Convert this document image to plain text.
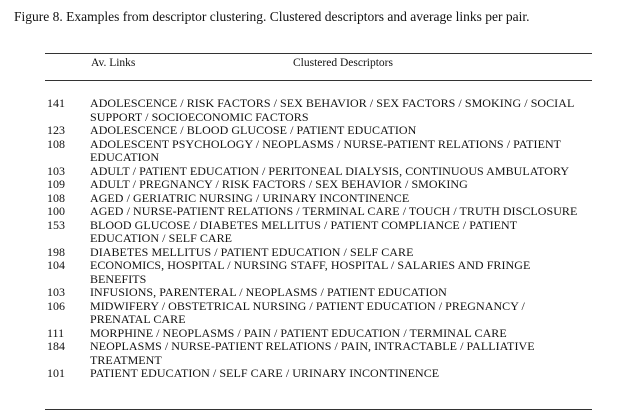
Figure 8. Examples from descriptor clustering. Clustered descriptors and average links per pair.
Av. Links	Clustered Descriptors
141 ADOLESCENCE / RISK FACTORS / SEX BEHAVIOR / SEX FACTORS / SMOKING / SOCIAL SUPPORT / SOCIOECONOMIC FACTORS
123 ADOLESCENCE / BLOOD GLUCOSE / PATIENT EDUCATION
108 ADOLESCENT PSYCHOLOGY / NEOPLASMS / NURSE-PATIENT RELATIONS / PATIENT EDUCATION
103 ADULT / PATIENT EDUCATION / PERITONEAL DIALYSIS, CONTINUOUS AMBULATORY
109 ADULT / PREGNANCY / RISK FACTORS / SEX BEHAVIOR / SMOKING
108 AGED / GERIATRIC NURSING / URINARY INCONTINENCE
100 AGED / NURSE-PATIENT RELATIONS / TERMINAL CARE / TOUCH / TRUTH DISCLOSURE
153 BLOOD GLUCOSE / DIABETES MELLITUS / PATIENT COMPLIANCE / PATIENT EDUCATION / SELF CARE
198 DIABETES MELLITUS / PATIENT EDUCATION / SELF CARE
104 ECONOMICS, HOSPITAL / NURSING STAFF, HOSPITAL / SALARIES AND FRINGE BENEFITS
103 INFUSIONS, PARENTERAL / NEOPLASMS / PATIENT EDUCATION
106 MIDWIFERY / OBSTETRICAL NURSING / PATIENT EDUCATION / PREGNANCY / PRENATAL CARE
111 MORPHINE / NEOPLASMS / PAIN / PATIENT EDUCATION / TERMINAL CARE
184 NEOPLASMS / NURSE-PATIENT RELATIONS / PAIN, INTRACTABLE / PALLIATIVE TREATMENT
101 PATIENT EDUCATION / SELF CARE / URINARY INCONTINENCE
